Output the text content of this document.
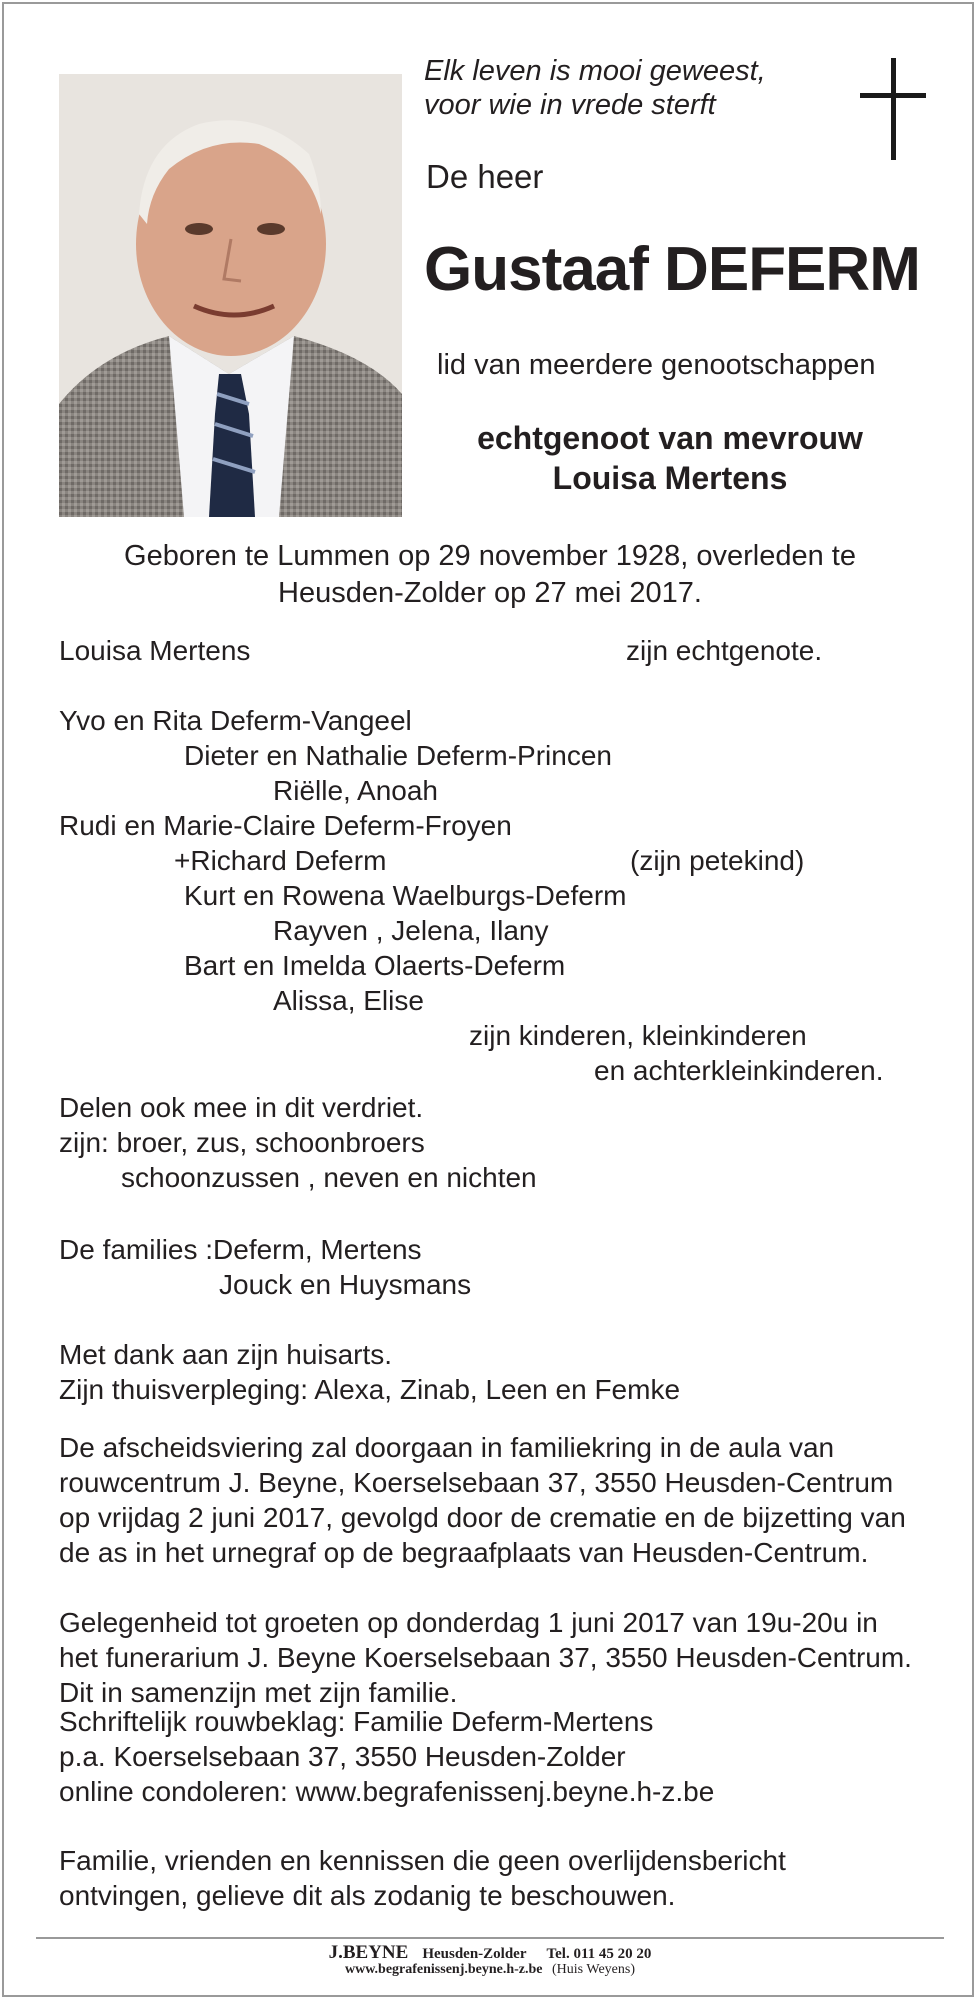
Elk leven is mooi geweest,
voor wie in vrede sterft
De heer
Gustaaf DEFERM
lid van meerdere genootschappen
echtgenoot van mevrouw
Louisa Mertens
Geboren te Lummen op 29 november 1928, overleden te
Heusden-Zolder op 27 mei 2017.
Louisa Mertens	zijn echtgenote.
Yvo en Rita Deferm-Vangeel
Dieter en Nathalie Deferm-Princen
Riëlle, Anoah
Rudi en Marie-Claire Deferm-Froyen
+Richard Deferm	(zijn petekind)
Kurt en Rowena Waelburgs-Deferm
Rayven , Jelena, Ilany
Bart en Imelda Olaerts-Deferm
Alissa, Elise
zijn kinderen, kleinkinderen
en achterkleinkinderen.
Delen ook mee in dit verdriet.
zijn: broer, zus, schoonbroers
schoonzussen , neven en nichten
De families :Deferm, Mertens
Jouck en Huysmans
Met dank aan zijn huisarts.
Zijn thuisverpleging: Alexa, Zinab, Leen en Femke
De afscheidsviering zal doorgaan in familiekring in de aula van rouwcentrum J. Beyne, Koerselsebaan 37, 3550 Heusden-Centrum op vrijdag 2 juni 2017, gevolgd door de crematie en de bijzetting van de as in het urnegraf op de begraafplaats van Heusden-Centrum.
Gelegenheid tot groeten op donderdag 1 juni 2017 van 19u-20u in het funerarium J. Beyne Koerselsebaan 37, 3550 Heusden-Centrum. Dit in samenzijn met zijn familie.
Schriftelijk rouwbeklag: Familie Deferm-Mertens
p.a. Koerselsebaan 37, 3550 Heusden-Zolder
online condoleren: www.begrafenissenj.beyne.h-z.be
Familie, vrienden en kennissen die geen overlijdensbericht ontvingen, gelieve dit als zodanig te beschouwen.
J.BEYNE Heusden-Zolder Tel. 011 45 20 20
www.begrafenissenj.beyne.h-z.be (Huis Weyens)
